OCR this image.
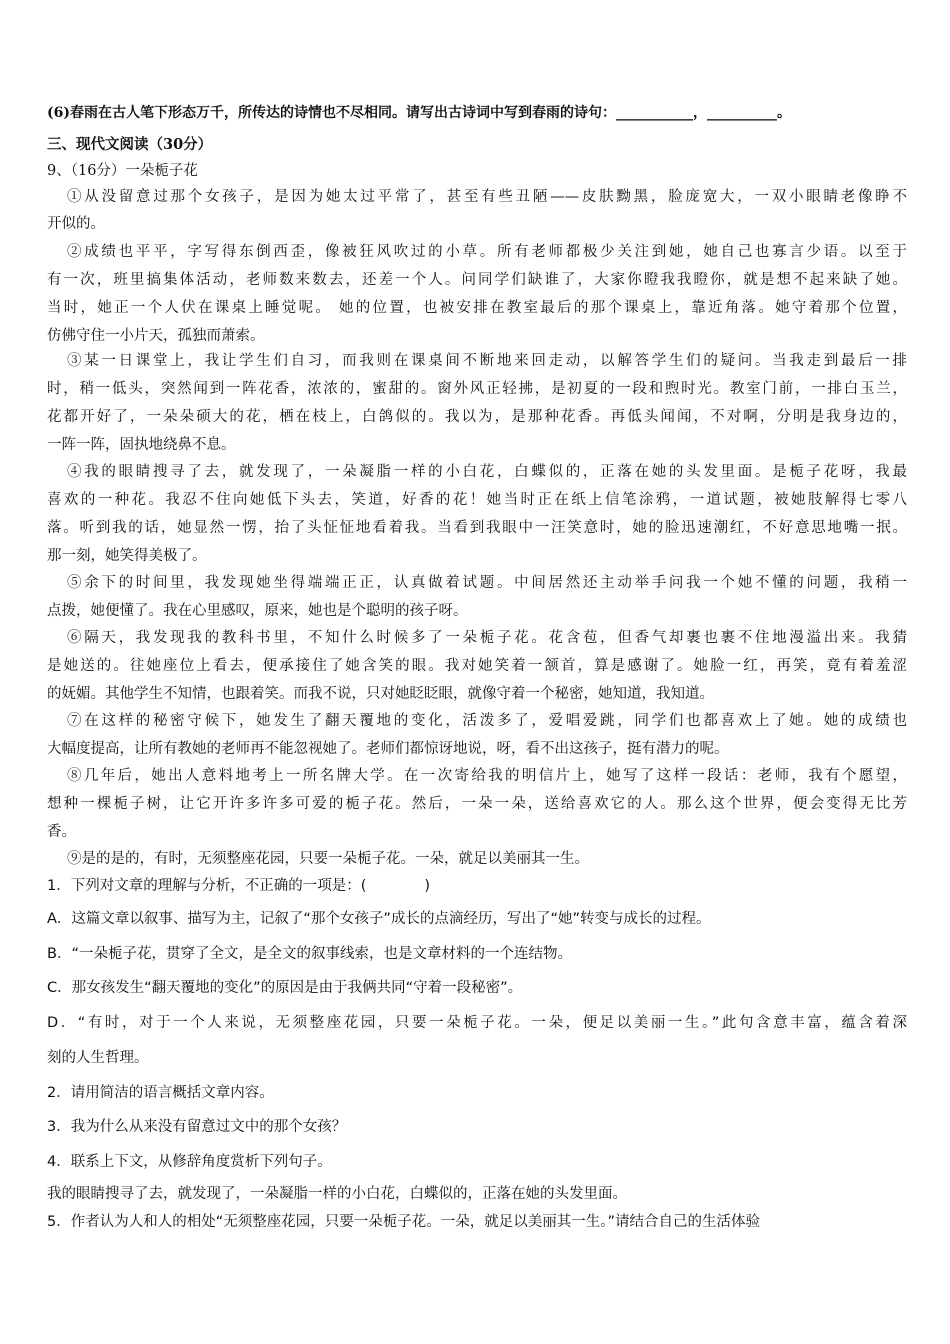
(6)春雨在古人笔下形态万千，所传达的诗情也不尽相同。请写出古诗词中写到春雨的诗句：___________，__________。
三、现代文阅读（30分）
9、（16分）一朵栀子花
①从没留意过那个女孩子，是因为她太过平常了，甚至有些丑陋——皮肤黝黑，脸庞宽大，一双小眼睛老像睁不
开似的。
②成绩也平平，字写得东倒西歪，像被狂风吹过的小草。所有老师都极少关注到她，她自己也寡言少语。以至于
有一次，班里搞集体活动，老师数来数去，还差一个人。问同学们缺谁了，大家你瞪我我瞪你，就是想不起来缺了她。
当时，她正一个人伏在课桌上睡觉呢。 她的位置，也被安排在教室最后的那个课桌上，靠近角落。她守着那个位置，
仿佛守住一小片天，孤独而萧索。
③某一日课堂上，我让学生们自习，而我则在课桌间不断地来回走动，以解答学生们的疑问。当我走到最后一排
时，稍一低头，突然闻到一阵花香，浓浓的，蜜甜的。窗外风正轻拂，是初夏的一段和煦时光。教室门前，一排白玉兰，
花都开好了，一朵朵硕大的花，栖在枝上，白鸽似的。我以为，是那种花香。再低头闻闻，不对啊，分明是我身边的，
一阵一阵，固执地绕鼻不息。
④我的眼睛搜寻了去，就发现了，一朵凝脂一样的小白花，白蝶似的，正落在她的头发里面。是栀子花呀，我最
喜欢的一种花。我忍不住向她低下头去，笑道，好香的花！她当时正在纸上信笔涂鸦，一道试题，被她肢解得七零八
落。听到我的话，她显然一愣，抬了头怔怔地看着我。当看到我眼中一汪笑意时，她的脸迅速潮红，不好意思地嘴一抿。
那一刻，她笑得美极了。
⑤余下的时间里，我发现她坐得端端正正，认真做着试题。中间居然还主动举手问我一个她不懂的问题，我稍一
点拨，她便懂了。我在心里感叹，原来，她也是个聪明的孩子呀。
⑥隔天，我发现我的教科书里，不知什么时候多了一朵栀子花。花含苞，但香气却裹也裹不住地漫溢出来。我猜
是她送的。往她座位上看去，便承接住了她含笑的眼。我对她笑着一颔首，算是感谢了。她脸一红，再笑，竟有着羞涩
的妩媚。其他学生不知情，也跟着笑。而我不说，只对她眨眨眼，就像守着一个秘密，她知道，我知道。
⑦在这样的秘密守候下，她发生了翻天覆地的变化，活泼多了，爱唱爱跳，同学们也都喜欢上了她。她的成绩也
大幅度提高，让所有教她的老师再不能忽视她了。老师们都惊讶地说，呀，看不出这孩子，挺有潜力的呢。
⑧几年后，她出人意料地考上一所名牌大学。在一次寄给我的明信片上，她写了这样一段话：老师，我有个愿望，
想种一棵栀子树，让它开许多许多可爱的栀子花。然后，一朵一朵，送给喜欢它的人。那么这个世界，便会变得无比芳
香。
⑨是的是的，有时，无须整座花园，只要一朵栀子花。一朵，就足以美丽其一生。
1．下列对文章的理解与分析，不正确的一项是：(　　　　)
A．这篇文章以叙事、描写为主，记叙了“那个女孩子”成长的点滴经历，写出了“她”转变与成长的过程。
B．“一朵栀子花，贯穿了全文，是全文的叙事线索，也是文章材料的一个连结物。
C．那女孩发生“翻天覆地的变化”的原因是由于我俩共同“守着一段秘密”。
D．“有时，对于一个人来说，无须整座花园，只要一朵栀子花。一朵，便足以美丽一生。”此句含意丰富，蕴含着深
刻的人生哲理。
2．请用简洁的语言概括文章内容。
3．我为什么从来没有留意过文中的那个女孩？
4．联系上下文，从修辞角度赏析下列句子。
我的眼睛搜寻了去，就发现了，一朵凝脂一样的小白花，白蝶似的，正落在她的头发里面。
5．作者认为人和人的相处“无须整座花园，只要一朵栀子花。一朵，就足以美丽其一生。”请结合自己的生活体验
